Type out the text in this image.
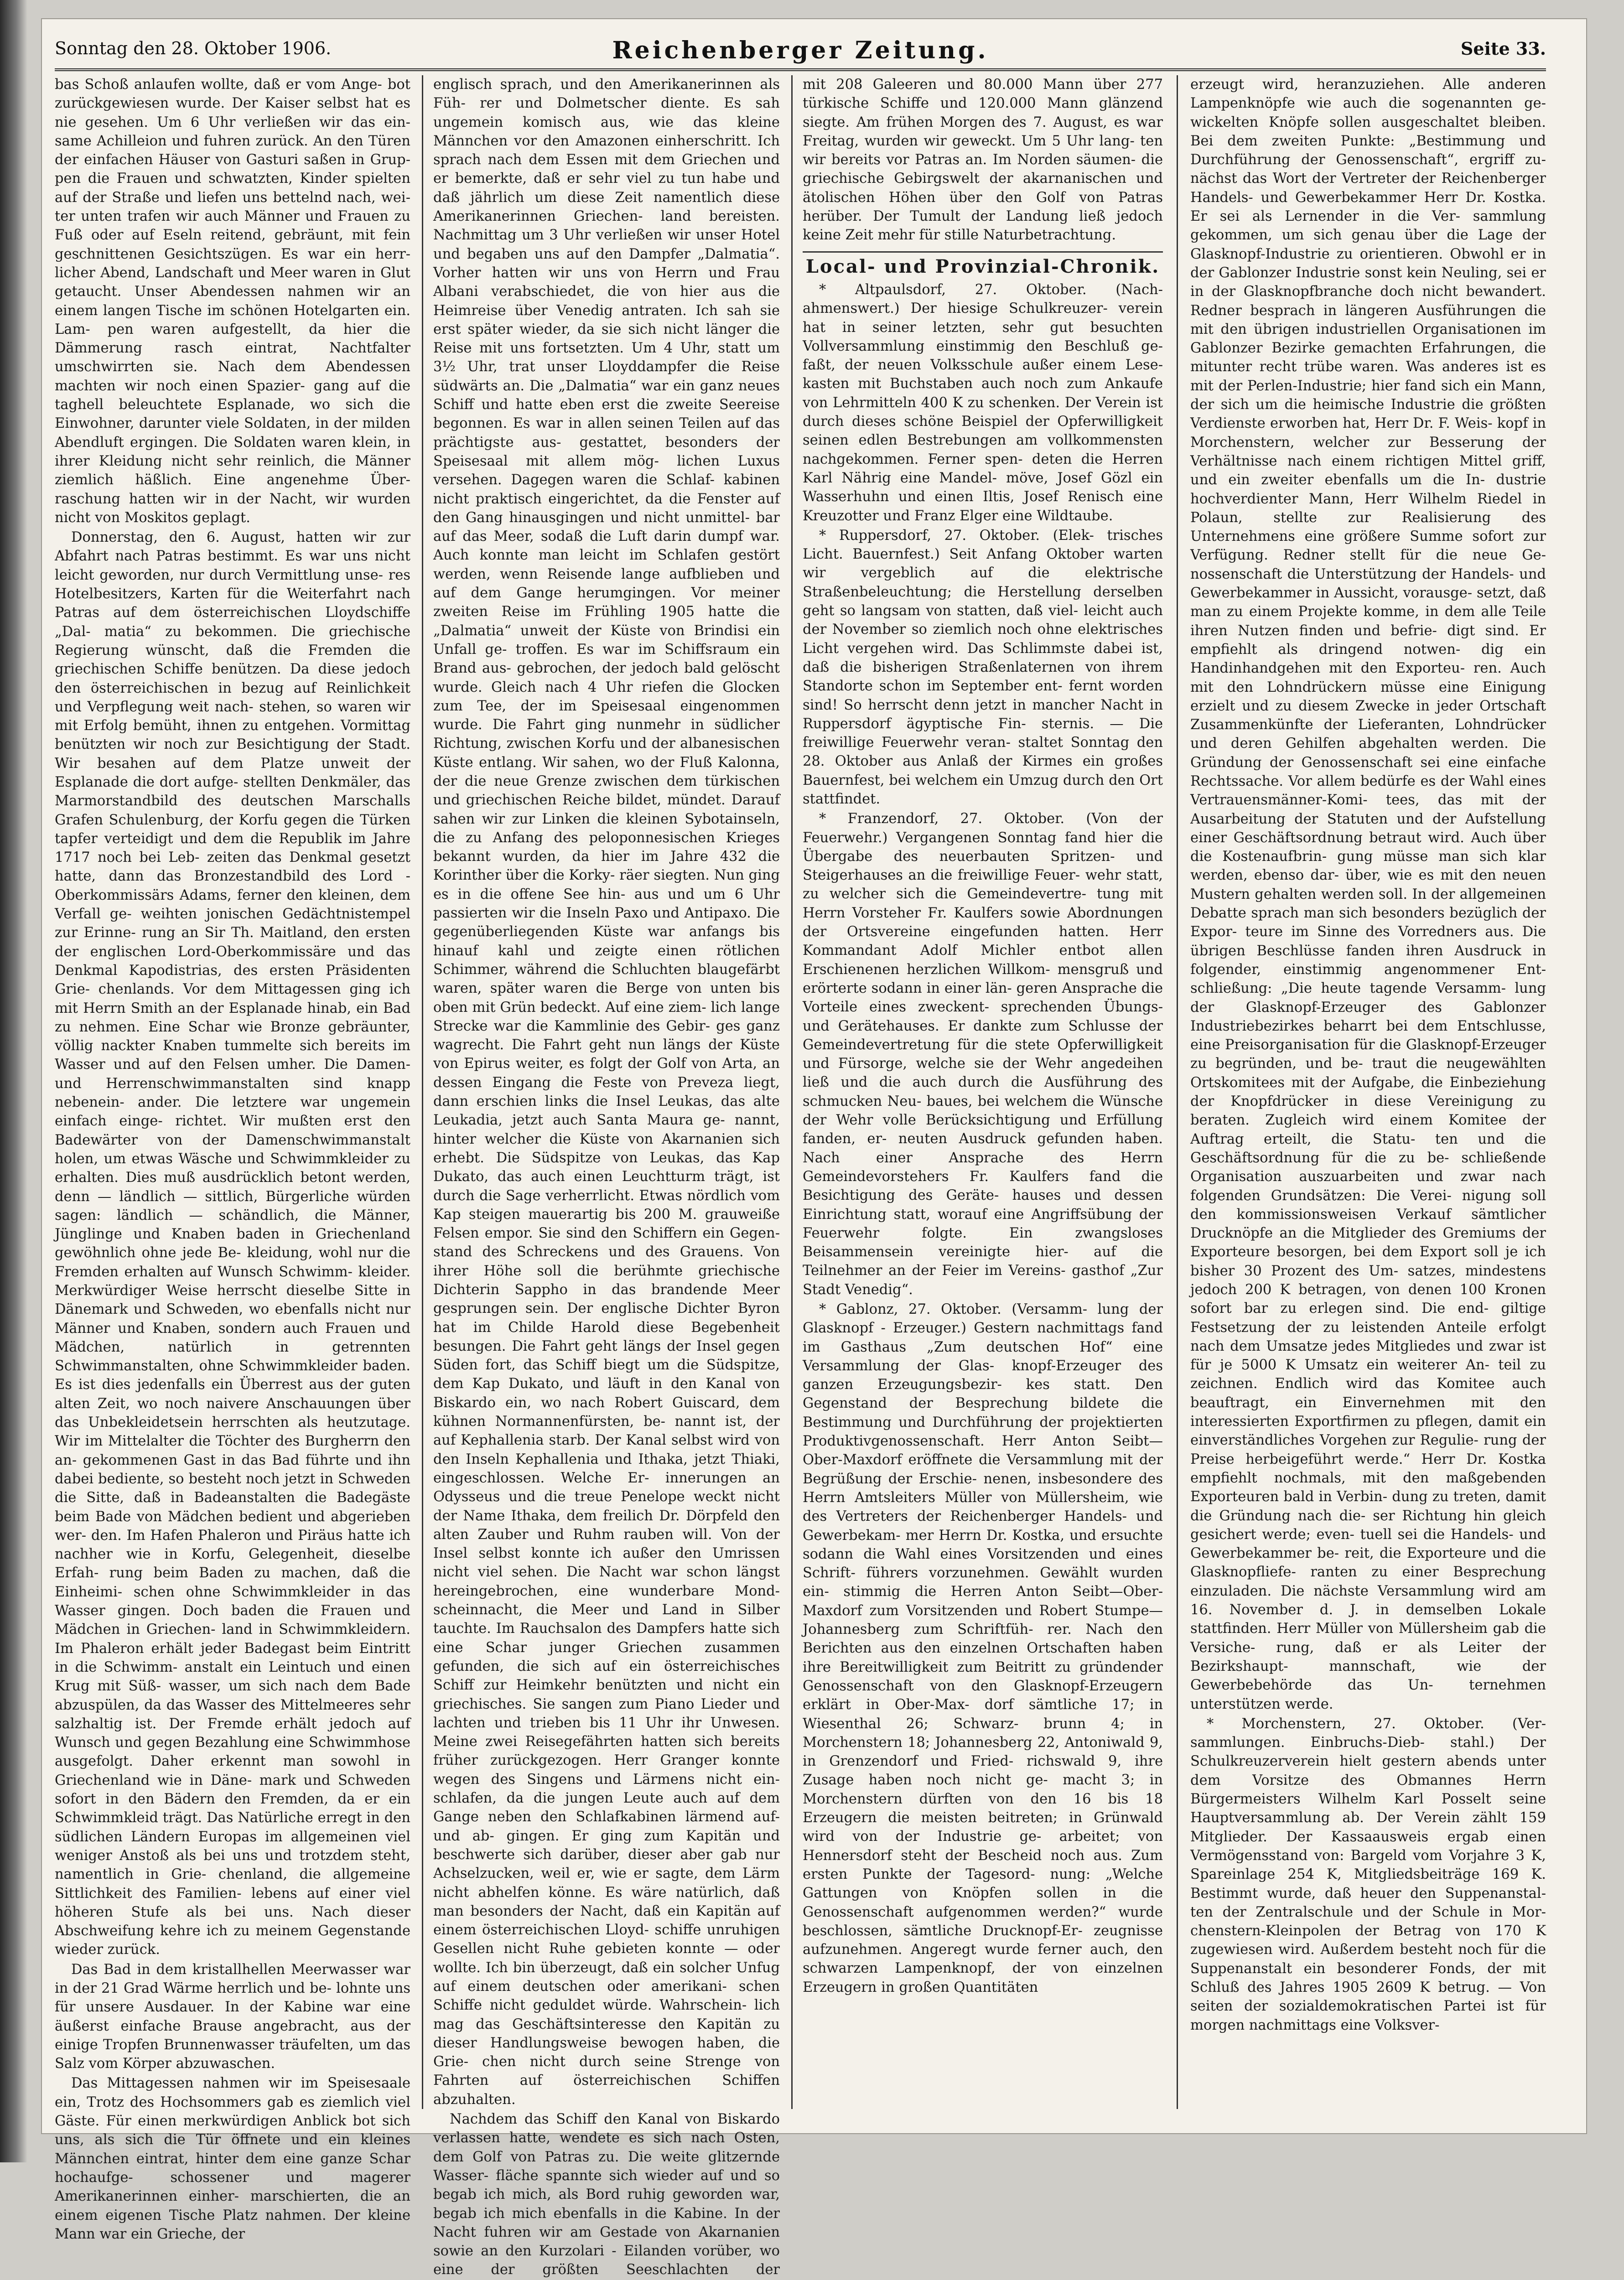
Sonntag den 28. Oktober 1906.	Reichenberger Zeitung.	Seite 33.

bas Schoß anlaufen wollte, daß er vom Ange- bot zurückgewiesen wurde. Der Kaiser selbst hat es nie gesehen. Um 6 Uhr verließen wir das ein- same Achilleion und fuhren zurück. An den Türen der einfachen Häuser von Gasturi saßen in Grup- pen die Frauen und schwatzten, Kinder spielten auf der Straße und liefen uns bettelnd nach, wei- ter unten trafen wir auch Männer und Frauen zu Fuß oder auf Eseln reitend, gebräunt, mit fein geschnittenen Gesichtszügen. Es war ein herr- licher Abend, Landschaft und Meer waren in Glut getaucht. Unser Abendessen nahmen wir an einem langen Tische im schönen Hotelgarten ein. Lam- pen waren aufgestellt, da hier die Dämmerung rasch eintrat, Nachtfalter umschwirrten sie. Nach dem Abendessen machten wir noch einen Spazier- gang auf die taghell beleuchtete Esplanade, wo sich die Einwohner, darunter viele Soldaten, in der milden Abendluft ergingen. Die Soldaten waren klein, in ihrer Kleidung nicht sehr reinlich, die Männer ziemlich häßlich. Eine angenehme Über- raschung hatten wir in der Nacht, wir wurden nicht von Moskitos geplagt.

Donnerstag, den 6. August, hatten wir zur Abfahrt nach Patras bestimmt. Es war uns nicht leicht geworden, nur durch Vermittlung unse- res Hotelbesitzers, Karten für die Weiterfahrt nach Patras auf dem österreichischen Lloydschiffe „Dal- matia“ zu bekommen. Die griechische Regierung wünscht, daß die Fremden die griechischen Schiffe benützen. Da diese jedoch den österreichischen in bezug auf Reinlichkeit und Verpflegung weit nach- stehen, so waren wir mit Erfolg bemüht, ihnen zu entgehen. Vormittag benützten wir noch zur Besichtigung der Stadt. Wir besahen auf dem Platze unweit der Esplanade die dort aufge- stellten Denkmäler, das Marmorstandbild des deutschen Marschalls Grafen Schulenburg, der Korfu gegen die Türken tapfer verteidigt und dem die Republik im Jahre 1717 noch bei Leb- zeiten das Denkmal gesetzt hatte, dann das Bronzestandbild des Lord - Oberkommissärs Adams, ferner den kleinen, dem Verfall ge- weihten jonischen Gedächtnistempel zur Erinne- rung an Sir Th. Maitland, den ersten der englischen Lord-Oberkommissäre und das Denkmal Kapodistrias, des ersten Präsidenten Grie- chenlands. Vor dem Mittagessen ging ich mit Herrn Smith an der Esplanade hinab, ein Bad zu nehmen. Eine Schar wie Bronze gebräunter, völlig nackter Knaben tummelte sich bereits im Wasser und auf den Felsen umher. Die Damen- und Herrenschwimmanstalten sind knapp nebenein- ander. Die letztere war ungemein einfach einge- richtet. Wir mußten erst den Badewärter von der Damenschwimmanstalt holen, um etwas Wäsche und Schwimmkleider zu erhalten. Dies muß ausdrücklich betont werden, denn — ländlich — sittlich, Bürgerliche würden sagen: ländlich — schändlich, die Männer, Jünglinge und Knaben baden in Griechenland gewöhnlich ohne jede Be- kleidung, wohl nur die Fremden erhalten auf Wunsch Schwimm- kleider. Merkwürdiger Weise herrscht dieselbe Sitte in Dänemark und Schweden, wo ebenfalls nicht nur Männer und Knaben, sondern auch Frauen und Mädchen, natürlich in getrennten Schwimmanstalten, ohne Schwimmkleider baden. Es ist dies jedenfalls ein Überrest aus der guten alten Zeit, wo noch naivere Anschauungen über das Unbekleidetsein herrschten als heutzutage. Wir im Mittelalter die Töchter des Burgherrn den an- gekommenen Gast in das Bad führte und ihn dabei bediente, so besteht noch jetzt in Schweden die Sitte, daß in Badeanstalten die Badegäste beim Bade von Mädchen bedient und abgerieben wer- den. Im Hafen Phaleron und Piräus hatte ich nachher wie in Korfu, Gelegenheit, dieselbe Erfah- rung beim Baden zu machen, daß die Einheimi- schen ohne Schwimmkleider in das Wasser gingen. Doch baden die Frauen und Mädchen in Griechen- land in Schwimmkleidern. Im Phaleron erhält jeder Badegast beim Eintritt in die Schwimm- anstalt ein Leintuch und einen Krug mit Süß- wasser, um sich nach dem Bade abzuspülen, da das Wasser des Mittelmeeres sehr salzhaltig ist. Der Fremde erhält jedoch auf Wunsch und gegen Bezahlung eine Schwimmhose ausgefolgt. Daher erkennt man sowohl in Griechenland wie in Däne- mark und Schweden sofort in den Bädern den Fremden, da er ein Schwimmkleid trägt. Das Natürliche erregt in den südlichen Ländern Europas im allgemeinen viel weniger Anstoß als bei uns und trotzdem steht, namentlich in Grie- chenland, die allgemeine Sittlichkeit des Familien- lebens auf einer viel höheren Stufe als bei uns. Nach dieser Abschweifung kehre ich zu meinem Gegenstande wieder zurück.

Das Bad in dem kristallhellen Meerwasser war in der 21 Grad Wärme herrlich und be- lohnte uns für unsere Ausdauer. In der Kabine war eine äußerst einfache Brause angebracht, aus der einige Tropfen Brunnenwasser träufelten, um das Salz vom Körper abzuwaschen.

Das Mittagessen nahmen wir im Speisesaale ein, Trotz des Hochsommers gab es ziemlich viel Gäste. Für einen merkwürdigen Anblick bot sich uns, als sich die Tür öffnete und ein kleines Männchen eintrat, hinter dem eine ganze Schar hochaufge- schossener und magerer Amerikanerinnen einher- marschierten, die an einem eigenen Tische Platz nahmen. Der kleine Mann war ein Grieche, der

englisch sprach, und den Amerikanerinnen als Füh- rer und Dolmetscher diente. Es sah ungemein komisch aus, wie das kleine Männchen vor den Amazonen einherschritt. Ich sprach nach dem Essen mit dem Griechen und er bemerkte, daß er sehr viel zu tun habe und daß jährlich um diese Zeit namentlich diese Amerikanerinnen Griechen- land bereisten. Nachmittag um 3 Uhr verließen wir unser Hotel und begaben uns auf den Dampfer „Dalmatia“. Vorher hatten wir uns von Herrn und Frau Albani verabschiedet, die von hier aus die Heimreise über Venedig antraten. Ich sah sie erst später wieder, da sie sich nicht länger die Reise mit uns fortsetzten. Um 4 Uhr, statt um 3½ Uhr, trat unser Lloyddampfer die Reise südwärts an. Die „Dalmatia“ war ein ganz neues Schiff und hatte eben erst die zweite Seereise begonnen. Es war in allen seinen Teilen auf das prächtigste aus- gestattet, besonders der Speisesaal mit allem mög- lichen Luxus versehen. Dagegen waren die Schlaf- kabinen nicht praktisch eingerichtet, da die Fenster auf den Gang hinausgingen und nicht unmittel- bar auf das Meer, sodaß die Luft darin dumpf war. Auch konnte man leicht im Schlafen gestört werden, wenn Reisende lange aufblieben und auf dem Gange herumgingen. Vor meiner zweiten Reise im Frühling 1905 hatte die „Dalmatia“ unweit der Küste von Brindisi ein Unfall ge- troffen. Es war im Schiffsraum ein Brand aus- gebrochen, der jedoch bald gelöscht wurde. Gleich nach 4 Uhr riefen die Glocken zum Tee, der im Speisesaal eingenommen wurde. Die Fahrt ging nunmehr in südlicher Richtung, zwischen Korfu und der albanesischen Küste entlang. Wir sahen, wo der Fluß Kalonna, der die neue Grenze zwischen dem türkischen und griechischen Reiche bildet, mündet. Darauf sahen wir zur Linken die kleinen Sybotainseln, die zu Anfang des peloponnesischen Krieges bekannt wurden, da hier im Jahre 432 die Korinther über die Korky- räer siegten. Nun ging es in die offene See hin- aus und um 6 Uhr passierten wir die Inseln Paxo und Antipaxo. Die gegenüberliegenden Küste war anfangs bis hinauf kahl und zeigte einen rötlichen Schimmer, während die Schluchten blaugefärbt waren, später waren die Berge von unten bis oben mit Grün bedeckt. Auf eine ziem- lich lange Strecke war die Kammlinie des Gebir- ges ganz wagrecht. Die Fahrt geht nun längs der Küste von Epirus weiter, es folgt der Golf von Arta, an dessen Eingang die Feste von Preveza liegt, dann erschien links die Insel Leukas, das alte Leukadia, jetzt auch Santa Maura ge- nannt, hinter welcher die Küste von Akarnanien sich erhebt. Die Südspitze von Leukas, das Kap Dukato, das auch einen Leuchtturm trägt, ist durch die Sage verherrlicht. Etwas nördlich vom Kap steigen mauerartig bis 200 M. grauweiße Felsen empor. Sie sind den Schiffern ein Gegen- stand des Schreckens und des Grauens. Von ihrer Höhe soll die berühmte griechische Dichterin Sappho in das brandende Meer gesprungen sein. Der englische Dichter Byron hat im Childe Harold diese Begebenheit besungen. Die Fahrt geht längs der Insel gegen Süden fort, das Schiff biegt um die Südspitze, dem Kap Dukato, und läuft in den Kanal von Biskardo ein, wo nach Robert Guiscard, dem kühnen Normannenfürsten, be- nannt ist, der auf Kephallenia starb. Der Kanal selbst wird von den Inseln Kephallenia und Ithaka, jetzt Thiaki, eingeschlossen. Welche Er- innerungen an Odysseus und die treue Penelope weckt nicht der Name Ithaka, dem freilich Dr. Dörpfeld den alten Zauber und Ruhm rauben will. Von der Insel selbst konnte ich außer den Umrissen nicht viel sehen. Die Nacht war schon längst hereingebrochen, eine wunderbare Mond- scheinnacht, die Meer und Land in Silber tauchte. Im Rauchsalon des Dampfers hatte sich eine Schar junger Griechen zusammen gefunden, die sich auf ein österreichisches Schiff zur Heimkehr benützten und nicht ein griechisches. Sie sangen zum Piano Lieder und lachten und trieben bis 11 Uhr ihr Unwesen. Meine zwei Reisegefährten hatten sich bereits früher zurückgezogen. Herr Granger konnte wegen des Singens und Lärmens nicht ein- schlafen, da die jungen Leute auch auf dem Gange neben den Schlafkabinen lärmend auf- und ab- gingen. Er ging zum Kapitän und beschwerte sich darüber, dieser aber gab nur Achselzucken, weil er, wie er sagte, dem Lärm nicht abhelfen könne. Es wäre natürlich, daß man besonders der Nacht, daß ein Kapitän auf einem österreichischen Lloyd- schiffe unruhigen Gesellen nicht Ruhe gebieten konnte — oder wollte. Ich bin überzeugt, daß ein solcher Unfug auf einem deutschen oder amerikani- schen Schiffe nicht geduldet würde. Wahrschein- lich mag das Geschäftsinteresse den Kapitän zu dieser Handlungsweise bewogen haben, die Grie- chen nicht durch seine Strenge von Fahrten auf österreichischen Schiffen abzuhalten.

Nachdem das Schiff den Kanal von Biskardo verlassen hatte, wendete es sich nach Osten, dem Golf von Patras zu. Die weite glitzernde Wasser- fläche spannte sich wieder auf und so begab ich mich, als Bord ruhig geworden war, begab ich mich ebenfalls in die Kabine. In der Nacht fuhren wir am Gestade von Akarnanien sowie an den Kurzolari - Eilanden vorüber, wo eine der größten Seeschlachten der

mit 208 Galeeren und 80.000 Mann über 277 türkische Schiffe und 120.000 Mann glänzend siegte. Am frühen Morgen des 7. August, es war Freitag, wurden wir geweckt. Um 5 Uhr lang- ten wir bereits vor Patras an. Im Norden säumen- die griechische Gebirgswelt der akarnanischen und ätolischen Höhen über den Golf von Patras herüber. Der Tumult der Landung ließ jedoch keine Zeit mehr für stille Naturbetrachtung.

Local- und Provinzial-Chronik.

* Altpaulsdorf, 27. Oktober. (Nach- ahmenswert.) Der hiesige Schulkreuzer- verein hat in seiner letzten, sehr gut besuchten Vollversammlung einstimmig den Beschluß ge- faßt, der neuen Volksschule außer einem Lese- kasten mit Buchstaben auch noch zum Ankaufe von Lehrmitteln 400 K zu schenken. Der Verein ist durch dieses schöne Beispiel der Opferwilligkeit seinen edlen Bestrebungen am vollkommensten nachgekommen. Ferner spen- deten die Herren Karl Nährig eine Mandel- möve, Josef Gözl ein Wasserhuhn und einen Iltis, Josef Renisch eine Kreuzotter und Franz Elger eine Wildtaube.

* Ruppersdorf, 27. Oktober. (Elek- trisches Licht. Bauernfest.) Seit Anfang Oktober warten wir vergeblich auf die elektrische Straßenbeleuchtung; die Herstellung derselben geht so langsam von statten, daß viel- leicht auch der November so ziemlich noch ohne elektrisches Licht vergehen wird. Das Schlimmste dabei ist, daß die bisherigen Straßenlaternen von ihrem Standorte schon im September ent- fernt worden sind! So herrscht denn jetzt in mancher Nacht in Ruppersdorf ägyptische Fin- sternis. — Die freiwillige Feuerwehr veran- staltet Sonntag den 28. Oktober aus Anlaß der Kirmes ein großes Bauernfest, bei welchem ein Umzug durch den Ort stattfindet.

* Franzendorf, 27. Oktober. (Von der Feuerwehr.) Vergangenen Sonntag fand hier die Übergabe des neuerbauten Spritzen- und Steigerhauses an die freiwillige Feuer- wehr statt, zu welcher sich die Gemeindevertre- tung mit Herrn Vorsteher Fr. Kaulfers sowie Abordnungen der Ortsvereine eingefunden hatten. Herr Kommandant Adolf Michler entbot allen Erschienenen herzlichen Willkom- mensgruß und erörterte sodann in einer län- geren Ansprache die Vorteile eines zweckent- sprechenden Übungs- und Gerätehauses. Er dankte zum Schlusse der Gemeindevertretung für die stete Opferwilligkeit und Fürsorge, welche sie der Wehr angedeihen ließ und die auch durch die Ausführung des schmucken Neu- baues, bei welchem die Wünsche der Wehr volle Berücksichtigung und Erfüllung fanden, er- neuten Ausdruck gefunden haben. Nach einer Ansprache des Herrn Gemeindevorstehers Fr. Kaulfers fand die Besichtigung des Geräte- hauses und dessen Einrichtung statt, worauf eine Angriffsübung der Feuerwehr folgte. Ein zwangsloses Beisammensein vereinigte hier- auf die Teilnehmer an der Feier im Vereins- gasthof „Zur Stadt Venedig“.

* Gablonz, 27. Oktober. (Versamm- lung der Glasknopf - Erzeuger.) Gestern nachmittags fand im Gasthaus „Zum deutschen Hof“ eine Versammlung der Glas- knopf-Erzeuger des ganzen Erzeugungsbezir- kes statt. Den Gegenstand der Besprechung bildete die Bestimmung und Durchführung der projektierten Produktivgenossenschaft. Herr Anton Seibt—Ober-Maxdorf eröffnete die Versammlung mit der Begrüßung der Erschie- nenen, insbesondere des Herrn Amtsleiters Müller von Müllersheim, wie des Vertreters der Reichenberger Handels- und Gewerbekam- mer Herrn Dr. Kostka, und ersuchte sodann die Wahl eines Vorsitzenden und eines Schrift- führers vorzunehmen. Gewählt wurden ein- stimmig die Herren Anton Seibt—Ober- Maxdorf zum Vorsitzenden und Robert Stumpe—Johannesberg zum Schriftfüh- rer. Nach den Berichten aus den einzelnen Ortschaften haben ihre Bereitwilligkeit zum Beitritt zu gründender Genossenschaft von den Glasknopf-Erzeugern erklärt in Ober-Max- dorf sämtliche 17; in Wiesenthal 26; Schwarz- brunn 4; in Morchenstern 18; Johannesberg 22, Antoniwald 9, in Grenzendorf und Fried- richswald 9, ihre Zusage haben noch nicht ge- macht 3; in Morchenstern dürften von den 16 bis 18 Erzeugern die meisten beitreten; in Grünwald wird von der Industrie ge- arbeitet; von Hennersdorf steht der Bescheid noch aus. Zum ersten Punkte der Tagesord- nung: „Welche Gattungen von Knöpfen sollen in die Genossenschaft aufgenommen werden?“ wurde beschlossen, sämtliche Drucknopf-Er- zeugnisse aufzunehmen. Angeregt wurde ferner auch, den schwarzen Lampenknopf, der von einzelnen Erzeugern in großen Quantitäten

erzeugt wird, heranzuziehen. Alle anderen Lampenknöpfe wie auch die sogenannten ge- wickelten Knöpfe sollen ausgeschaltet bleiben. Bei dem zweiten Punkte: „Bestimmung und Durchführung der Genossenschaft“, ergriff zu- nächst das Wort der Vertreter der Reichenberger Handels- und Gewerbekammer Herr Dr. Kostka. Er sei als Lernender in die Ver- sammlung gekommen, um sich genau über die Lage der Glasknopf-Industrie zu orientieren. Obwohl er in der Gablonzer Industrie sonst kein Neuling, sei er in der Glasknopfbranche doch nicht bewandert. Redner besprach in längeren Ausführungen die mit den übrigen industriellen Organisationen im Gablonzer Bezirke gemachten Erfahrungen, die mitunter recht trübe waren. Was anderes ist es mit der Perlen-Industrie; hier fand sich ein Mann, der sich um die heimische Industrie die größten Verdienste erworben hat, Herr Dr. F. Weis- kopf in Morchenstern, welcher zur Besserung der Verhältnisse nach einem richtigen Mittel griff, und ein zweiter ebenfalls um die In- dustrie hochverdienter Mann, Herr Wilhelm Riedel in Polaun, stellte zur Realisierung des Unternehmens eine größere Summe sofort zur Verfügung. Redner stellt für die neue Ge- nossenschaft die Unterstützung der Handels- und Gewerbekammer in Aussicht, vorausge- setzt, daß man zu einem Projekte komme, in dem alle Teile ihren Nutzen finden und befrie- digt sind. Er empfiehlt als dringend notwen- dig ein Handinhandgehen mit den Exporteu- ren. Auch mit den Lohndrückern müsse eine Einigung erzielt und zu diesem Zwecke in jeder Ortschaft Zusammenkünfte der Lieferanten, Lohndrücker und deren Gehilfen abgehalten werden. Die Gründung der Genossenschaft sei eine einfache Rechtssache. Vor allem bedürfe es der Wahl eines Vertrauensmänner-Komi- tees, das mit der Ausarbeitung der Statuten und der Aufstellung einer Geschäftsordnung betraut wird. Auch über die Kostenaufbrin- gung müsse man sich klar werden, ebenso dar- über, wie es mit den neuen Mustern gehalten werden soll. In der allgemeinen Debatte sprach man sich besonders bezüglich der Expor- teure im Sinne des Vorredners aus. Die übrigen Beschlüsse fanden ihren Ausdruck in folgender, einstimmig angenommener Ent- schließung: „Die heute tagende Versamm- lung der Glasknopf-Erzeuger des Gablonzer Industriebezirkes beharrt bei dem Entschlusse, eine Preisorganisation für die Glasknopf-Erzeuger zu begründen, und be- traut die neugewählten Ortskomitees mit der Aufgabe, die Einbeziehung der Knopfdrücker in diese Vereinigung zu beraten. Zugleich wird einem Komitee der Auftrag erteilt, die Statu- ten und die Geschäftsordnung für die zu be- schließende Organisation auszuarbeiten und zwar nach folgenden Grundsätzen: Die Verei- nigung soll den kommissionsweisen Verkauf sämtlicher Drucknöpfe an die Mitglieder des Gremiums der Exporteure besorgen, bei dem Export soll je ich bisher 30 Prozent des Um- satzes, mindestens jedoch 200 K betragen, von denen 100 Kronen sofort bar zu erlegen sind. Die end- giltige Festsetzung der zu leistenden Anteile erfolgt nach dem Umsatze jedes Mitgliedes und zwar ist für je 5000 K Umsatz ein weiterer An- teil zu zeichnen. Endlich wird das Komitee auch beauftragt, ein Einvernehmen mit den interessierten Exportfirmen zu pflegen, damit ein einverständliches Vorgehen zur Regulie- rung der Preise herbeigeführt werde.“ Herr Dr. Kostka empfiehlt nochmals, mit den maßgebenden Exporteuren bald in Verbin- dung zu treten, damit die Gründung nach die- ser Richtung hin gleich gesichert werde; even- tuell sei die Handels- und Gewerbekammer be- reit, die Exporteure und die Glasknopfliefe- ranten zu einer Besprechung einzuladen. Die nächste Versammlung wird am 16. November d. J. in demselben Lokale stattfinden. Herr Müller von Müllersheim gab die Versiche- rung, daß er als Leiter der Bezirkshaupt- mannschaft, wie der Gewerbebehörde das Un- ternehmen unterstützen werde.

* Morchenstern, 27. Oktober. (Ver- sammlungen. Einbruchs-Dieb- stahl.) Der Schulkreuzerverein hielt gestern abends unter dem Vorsitze des Obmannes Herrn Bürgermeisters Wilhelm Karl Posselt seine Hauptversammlung ab. Der Verein zählt 159 Mitglieder. Der Kassaausweis ergab einen Vermögensstand von: Bargeld vom Vorjahre 3 K, Spareinlage 254 K, Mitgliedsbeiträge 169 K. Bestimmt wurde, daß heuer den Suppenanstal- ten der Zentralschule und der Schule in Mor- chenstern-Kleinpolen der Betrag von 170 K zugewiesen wird. Außerdem besteht noch für die Suppenanstalt ein besonderer Fonds, der mit Schluß des Jahres 1905 2609 K betrug. — Von seiten der sozialdemokratischen Partei ist für morgen nachmittags eine Volksver-
